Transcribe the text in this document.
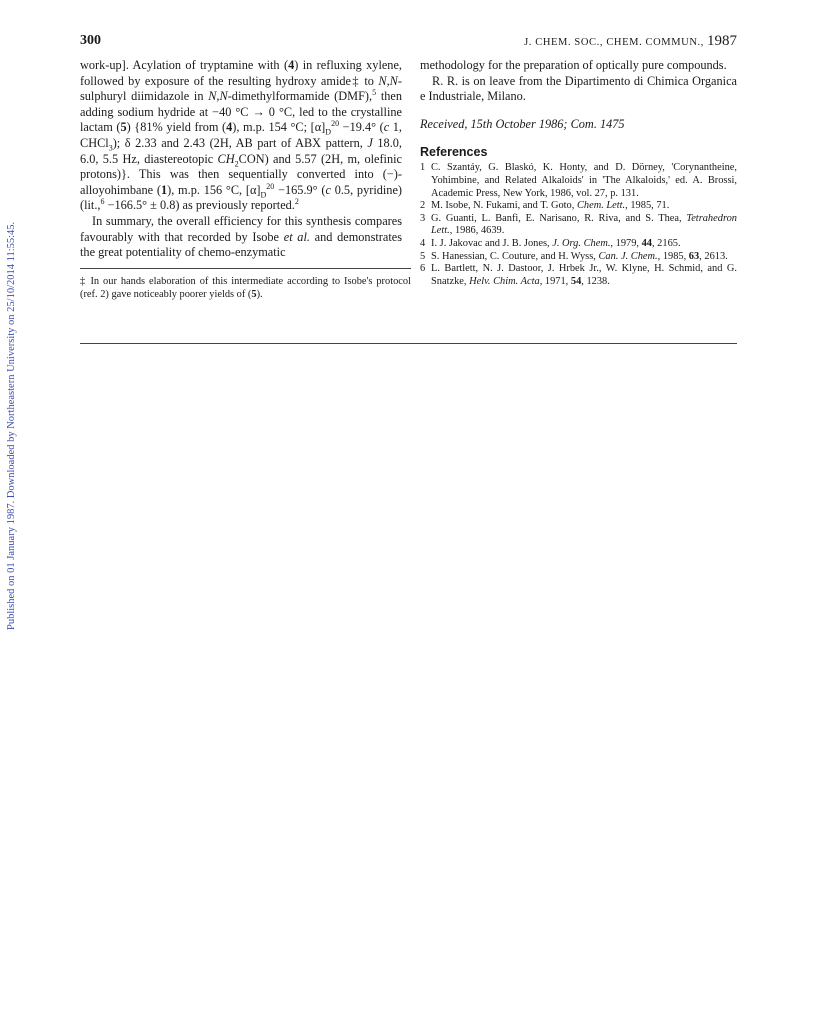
Published on 01 January 1987. Downloaded by Northeastern University on 25/10/2014 11:55:45.
300	J. CHEM. SOC., CHEM. COMMUN., 1987

work-up]. Acylation of tryptamine with (4) in refluxing xylene, followed by exposure of the resulting hydroxy amide‡ to N,N-sulphuryl diimidazole in N,N-dimethylformamide (DMF),$^5$ then adding sodium hydride at −40 °C → 0 °C, led to the crystalline lactam (5) {81% yield from (4), m.p. 154 °C; $[\alpha]_D^{20} -19.4^\circ$ (c 1, CHCl$_3$); δ 2.33 and 2.43 (2H, AB part of ABX pattern, J 18.0, 6.0, 5.5 Hz, diastereotopic $CH_2CON$) and 5.57 (2H, m, olefinic protons)}. This was then sequentially converted into (−)-alloyohimbane (1), m.p. 156 °C, $[\alpha]_D^{20} -165.9^\circ$ (c 0.5, pyridine) (lit.,$^6$ −166.5° ± 0.8) as previously reported.$^2$

In summary, the overall efficiency for this synthesis compares favourably with that recorded by Isobe et al. and demonstrates the great potentiality of chemo-enzymatic

‡ In our hands elaboration of this intermediate according to Isobe's protocol (ref. 2) gave noticeably poorer yields of (5).

methodology for the preparation of optically pure compounds.

R. R. is on leave from the Dipartimento di Chimica Organica e Industriale, Milano.

Received, 15th October 1986; Com. 1475

References
1 C. Szantáy, G. Blaskó, K. Honty, and D. Dörney, 'Corynantheine, Yohimbine, and Related Alkaloids' in 'The Alkaloids,' ed. A. Brossi, Academic Press, New York, 1986, vol. 27, p. 131.
2 M. Isobe, N. Fukami, and T. Goto, Chem. Lett., 1985, 71.
3 G. Guanti, L. Banfi, E. Narisano, R. Riva, and S. Thea, Tetrahedron Lett., 1986, 4639.
4 I. J. Jakovac and J. B. Jones, J. Org. Chem., 1979, 44, 2165.
5 S. Hanessian, C. Couture, and H. Wyss, Can. J. Chem., 1985, 63, 2613.
6 L. Bartlett, N. J. Dastoor, J. Hrbek Jr., W. Klyne, H. Schmid, and G. Snatzke, Helv. Chim. Acta, 1971, 54, 1238.
